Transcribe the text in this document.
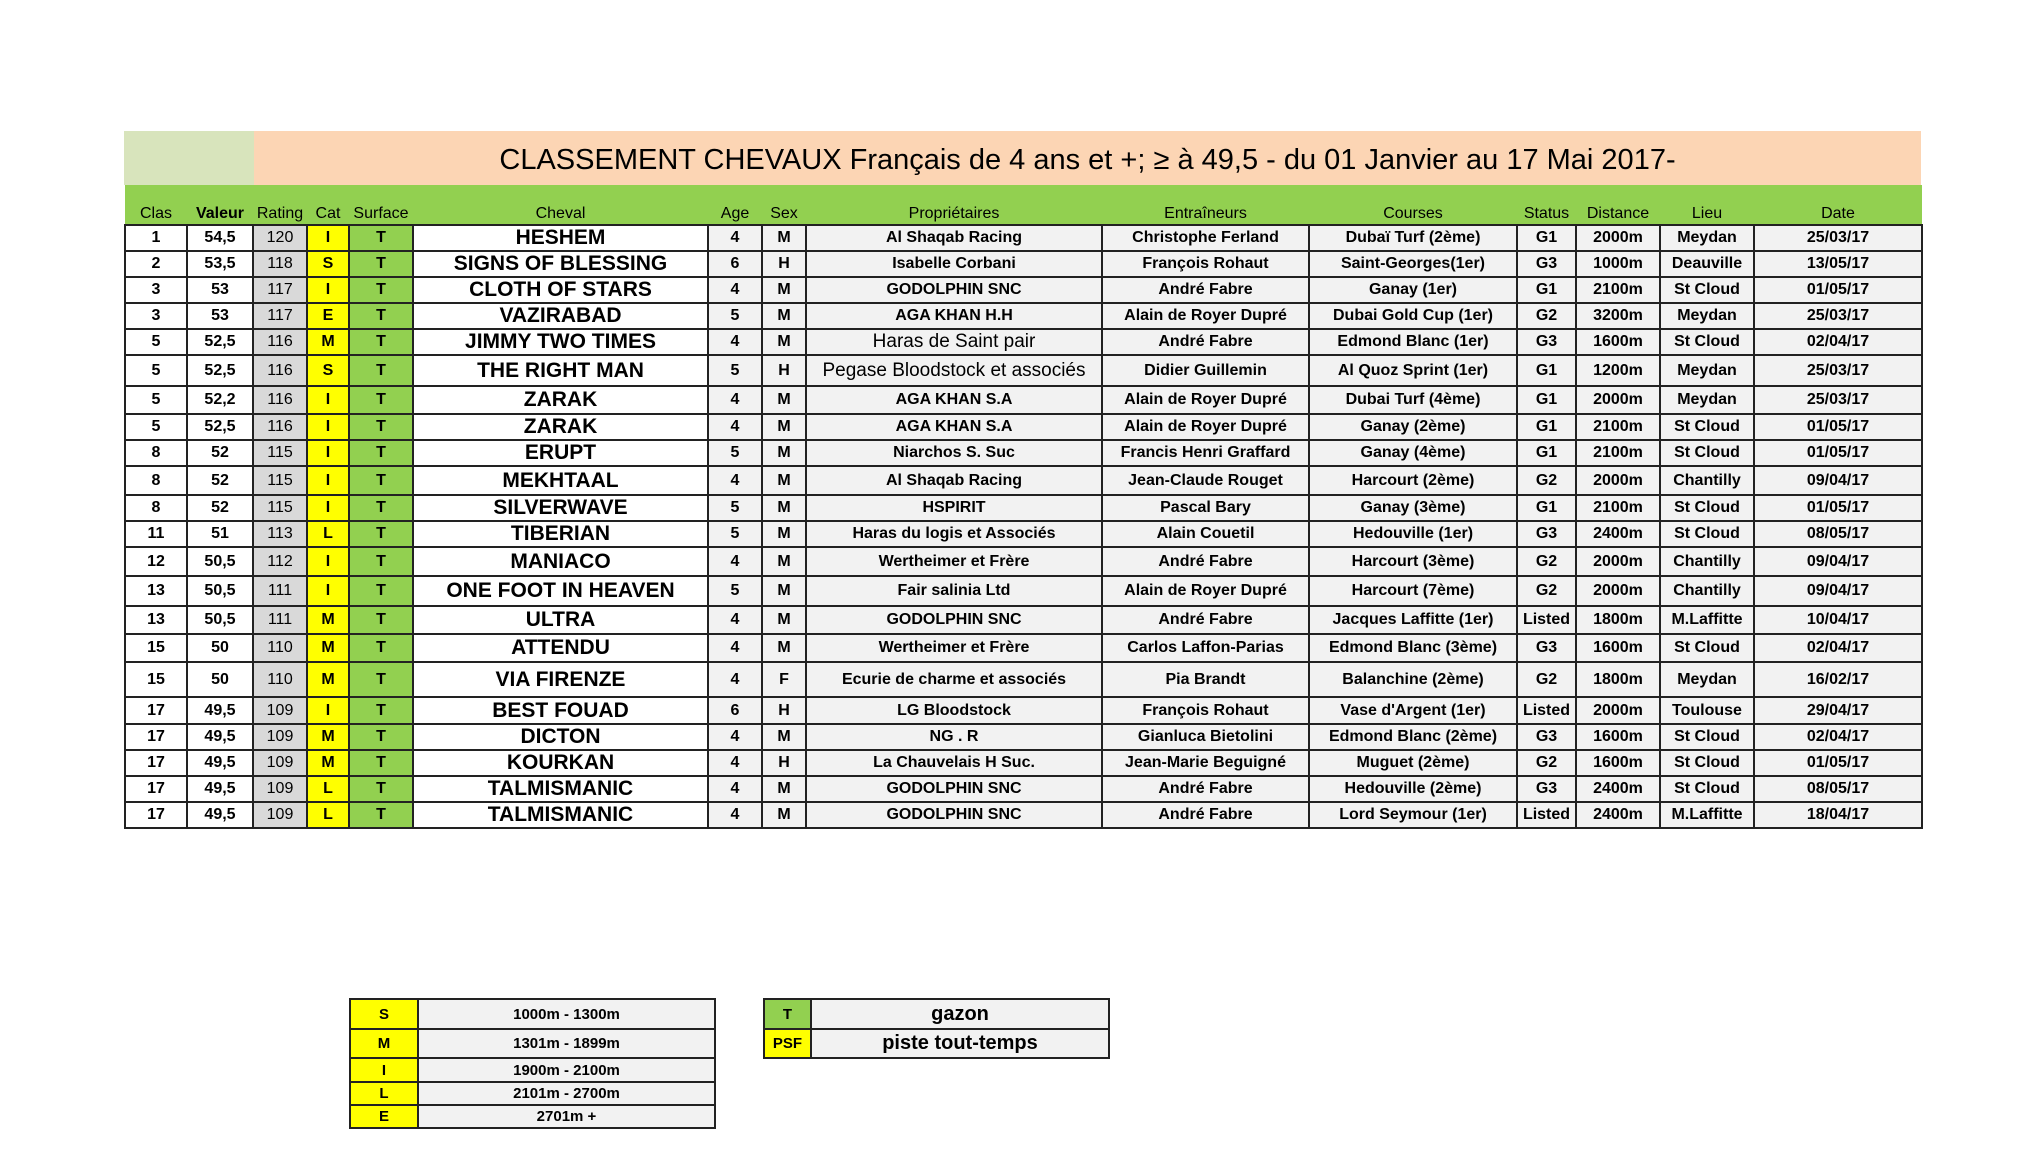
CLASSEMENT CHEVAUX Français de 4 ans et +; ≥ à 49,5 - du 01 Janvier au 17 Mai 2017-
Clas	Valeur	Rating	Cat	Surface	Cheval	Age	Sex	Propriétaires	Entraîneurs	Courses	Status	Distance	Lieu	Date
1	54,5	120	I	T	HESHEM	4	M	Al Shaqab Racing	Christophe Ferland	Dubaï Turf (2ème)	G1	2000m	Meydan	25/03/17
2	53,5	118	S	T	SIGNS OF BLESSING	6	H	Isabelle Corbani	François Rohaut	Saint-Georges(1er)	G3	1000m	Deauville	13/05/17
3	53	117	I	T	CLOTH OF STARS	4	M	GODOLPHIN SNC	André Fabre	Ganay (1er)	G1	2100m	St Cloud	01/05/17
3	53	117	E	T	VAZIRABAD	5	M	AGA KHAN H.H	Alain de Royer Dupré	Dubai Gold Cup (1er)	G2	3200m	Meydan	25/03/17
5	52,5	116	M	T	JIMMY TWO TIMES	4	M	Haras de Saint pair	André Fabre	Edmond Blanc (1er)	G3	1600m	St Cloud	02/04/17
5	52,5	116	S	T	THE RIGHT MAN	5	H	Pegase Bloodstock et associés	Didier Guillemin	Al Quoz Sprint (1er)	G1	1200m	Meydan	25/03/17
5	52,2	116	I	T	ZARAK	4	M	AGA KHAN S.A	Alain de Royer Dupré	Dubai Turf (4ème)	G1	2000m	Meydan	25/03/17
5	52,5	116	I	T	ZARAK	4	M	AGA KHAN S.A	Alain de Royer Dupré	Ganay (2ème)	G1	2100m	St Cloud	01/05/17
8	52	115	I	T	ERUPT	5	M	Niarchos S. Suc	Francis Henri Graffard	Ganay (4ème)	G1	2100m	St Cloud	01/05/17
8	52	115	I	T	MEKHTAAL	4	M	Al Shaqab Racing	Jean-Claude Rouget	Harcourt (2ème)	G2	2000m	Chantilly	09/04/17
8	52	115	I	T	SILVERWAVE	5	M	HSPIRIT	Pascal Bary	Ganay (3ème)	G1	2100m	St Cloud	01/05/17
11	51	113	L	T	TIBERIAN	5	M	Haras du logis et Associés	Alain Couetil	Hedouville (1er)	G3	2400m	St Cloud	08/05/17
12	50,5	112	I	T	MANIACO	4	M	Wertheimer et Frère	André Fabre	Harcourt (3ème)	G2	2000m	Chantilly	09/04/17
13	50,5	111	I	T	ONE FOOT IN HEAVEN	5	M	Fair salinia Ltd	Alain de Royer Dupré	Harcourt (7ème)	G2	2000m	Chantilly	09/04/17
13	50,5	111	M	T	ULTRA	4	M	GODOLPHIN SNC	André Fabre	Jacques Laffitte (1er)	Listed	1800m	M.Laffitte	10/04/17
15	50	110	M	T	ATTENDU	4	M	Wertheimer et Frère	Carlos Laffon-Parias	Edmond Blanc (3ème)	G3	1600m	St Cloud	02/04/17
15	50	110	M	T	VIA FIRENZE	4	F	Ecurie de charme et associés	Pia Brandt	Balanchine (2ème)	G2	1800m	Meydan	16/02/17
17	49,5	109	I	T	BEST FOUAD	6	H	LG Bloodstock	François Rohaut	Vase d'Argent (1er)	Listed	2000m	Toulouse	29/04/17
17	49,5	109	M	T	DICTON	4	M	NG . R	Gianluca Bietolini	Edmond Blanc (2ème)	G3	1600m	St Cloud	02/04/17
17	49,5	109	M	T	KOURKAN	4	H	La Chauvelais H Suc.	Jean-Marie Beguigné	Muguet (2ème)	G2	1600m	St Cloud	01/05/17
17	49,5	109	L	T	TALMISMANIC	4	M	GODOLPHIN SNC	André Fabre	Hedouville (2ème)	G3	2400m	St Cloud	08/05/17
17	49,5	109	L	T	TALMISMANIC	4	M	GODOLPHIN SNC	André Fabre	Lord Seymour (1er)	Listed	2400m	M.Laffitte	18/04/17
S	1000m - 1300m
M	1301m - 1899m
I	1900m - 2100m
L	2101m - 2700m
E	2701m +
T	gazon
PSF	piste tout-temps
